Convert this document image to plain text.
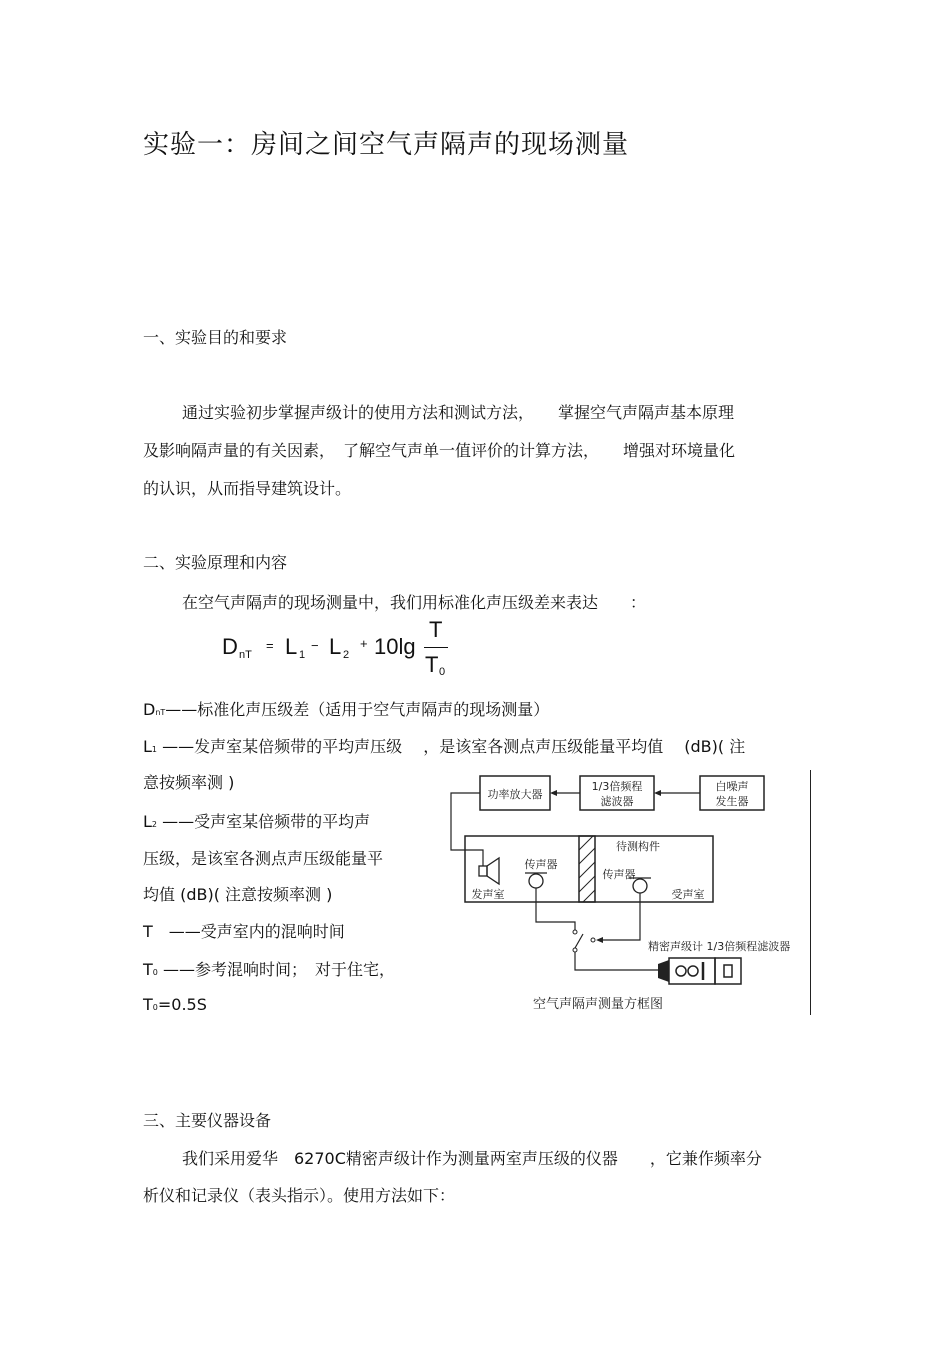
实验一：房间之间空气声隔声的现场测量
一、实验目的和要求
通过实验初步掌握声级计的使用方法和测试方法，　　掌握空气声隔声基本原理
及影响隔声量的有关因素，　了解空气声单一值评价的计算方法，　　增强对环境量化
的认识，从而指导建筑设计。
二、实验原理和内容
在空气声隔声的现场测量中，我们用标准化声压级差来表达　　：
D nT
= L 1
− L 2
+ 10lg
T
T 0
DnT——标准化声压级差（适用于空气声隔声的现场测量）
L1 ——发声室某倍频带的平均声压级　 ，是该室各测点声压级能量平均值　 (dB)( 注
意按频率测 )
L2 ——受声室某倍频带的平均声
压级，是该室各测点声压级能量平
均值 (dB)( 注意按频率测 )
T　——受声室内的混响时间
T0 ——参考混响时间；　对于住宅，
T0=0.5S
功率放大器
1/3倍频程
滤波器
白噪声
发生器
待测构件
传声器
传声器
发声室	受声室
精密声级计 1/3倍频程滤波器
空气声隔声测量方框图
三、主要仪器设备
我们采用爱华　6270C精密声级计作为测量两室声压级的仪器　　，它兼作频率分
析仪和记录仪（表头指示）。使用方法如下：
